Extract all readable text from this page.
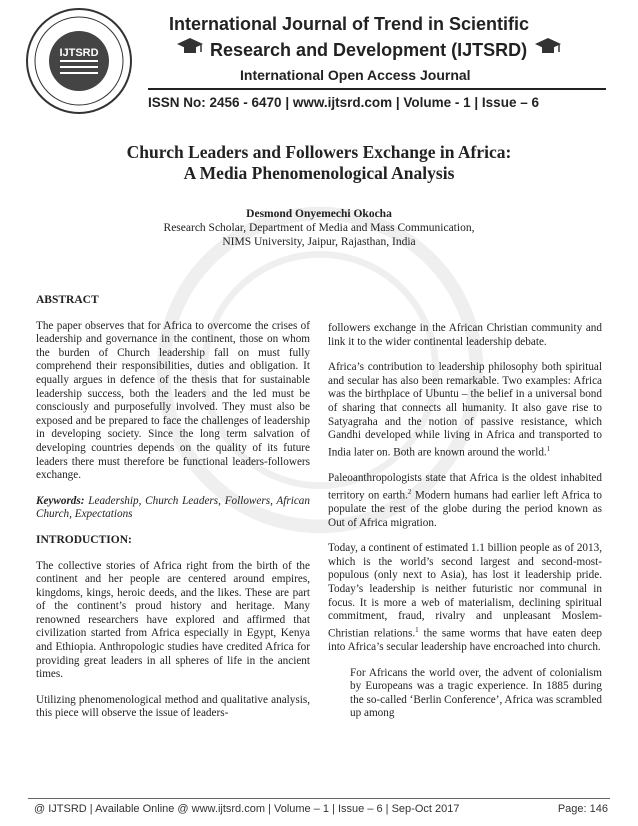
IJTSRD
International Journal of Trend in Scientific
Research and Development (IJTSRD)
International Open Access Journal
ISSN No: 2456 - 6470 | www.ijtsrd.com | Volume - 1 | Issue – 6
Church Leaders and Followers Exchange in Africa:
A Media Phenomenological Analysis
Desmond Onyemechi Okocha
Research Scholar, Department of Media and Mass Communication,
NIMS University, Jaipur, Rajasthan, India
ABSTRACT

The paper observes that for Africa to overcome the crises of leadership and governance in the continent, those on whom the burden of Church leadership fall on must fully comprehend their responsibilities, duties and obligation. It equally argues in defence of the thesis that for sustainable leadership success, both the leaders and the led must be consciously and purposefully involved. They must also be exposed and be prepared to face the challenges of leadership in developing society. Since the long term salvation of developing countries depends on the quality of its future leaders there must therefore be functional leaders-followers exchange.

Keywords: Leadership, Church Leaders, Followers, African Church, Expectations

INTRODUCTION:

The collective stories of Africa right from the birth of the continent and her people are centered around empires, kingdoms, kings, heroic deeds, and the likes. These are part of the continent’s proud history and heritage. Many renowned researchers have explored and affirmed that civilization started from Africa especially in Egypt, Kenya and Ethiopia. Anthropologic studies have credited Africa for providing great leaders in all spheres of life in the ancient times.

Utilizing phenomenological method and qualitative analysis, this piece will observe the issue of leaders-

followers exchange in the African Christian community and link it to the wider continental leadership debate.

Africa’s contribution to leadership philosophy both spiritual and secular has also been remarkable. Two examples: Africa was the birthplace of Ubuntu – the belief in a universal bond of sharing that connects all humanity. It also gave rise to Satyagraha and the notion of passive resistance, which Gandhi developed while living in Africa and transported to India later on. Both are known around the world.$^1$

Paleoanthropologists state that Africa is the oldest inhabited territory on earth.$^2$ Modern humans had earlier left Africa to populate the rest of the globe during the period known as Out of Africa migration.

Today, a continent of estimated 1.1 billion people as of 2013, which is the world’s second largest and second-most-populous (only next to Asia), has lost it leadership pride. Today’s leadership is neither futuristic nor communal in focus. It is more a web of materialism, declining spiritual commitment, fraud, rivalry and unpleasant Moslem-Christian relations.$^1$ the same worms that have eaten deep into Africa’s secular leadership have encroached into church.

For Africans the world over, the advent of colonialism by Europeans was a tragic experience. In 1885 during the so-called ‘Berlin Conference’, Africa was scrambled up among

@ IJTSRD | Available Online @ www.ijtsrd.com | Volume – 1 | Issue – 6 | Sep-Oct 2017	Page: 146
